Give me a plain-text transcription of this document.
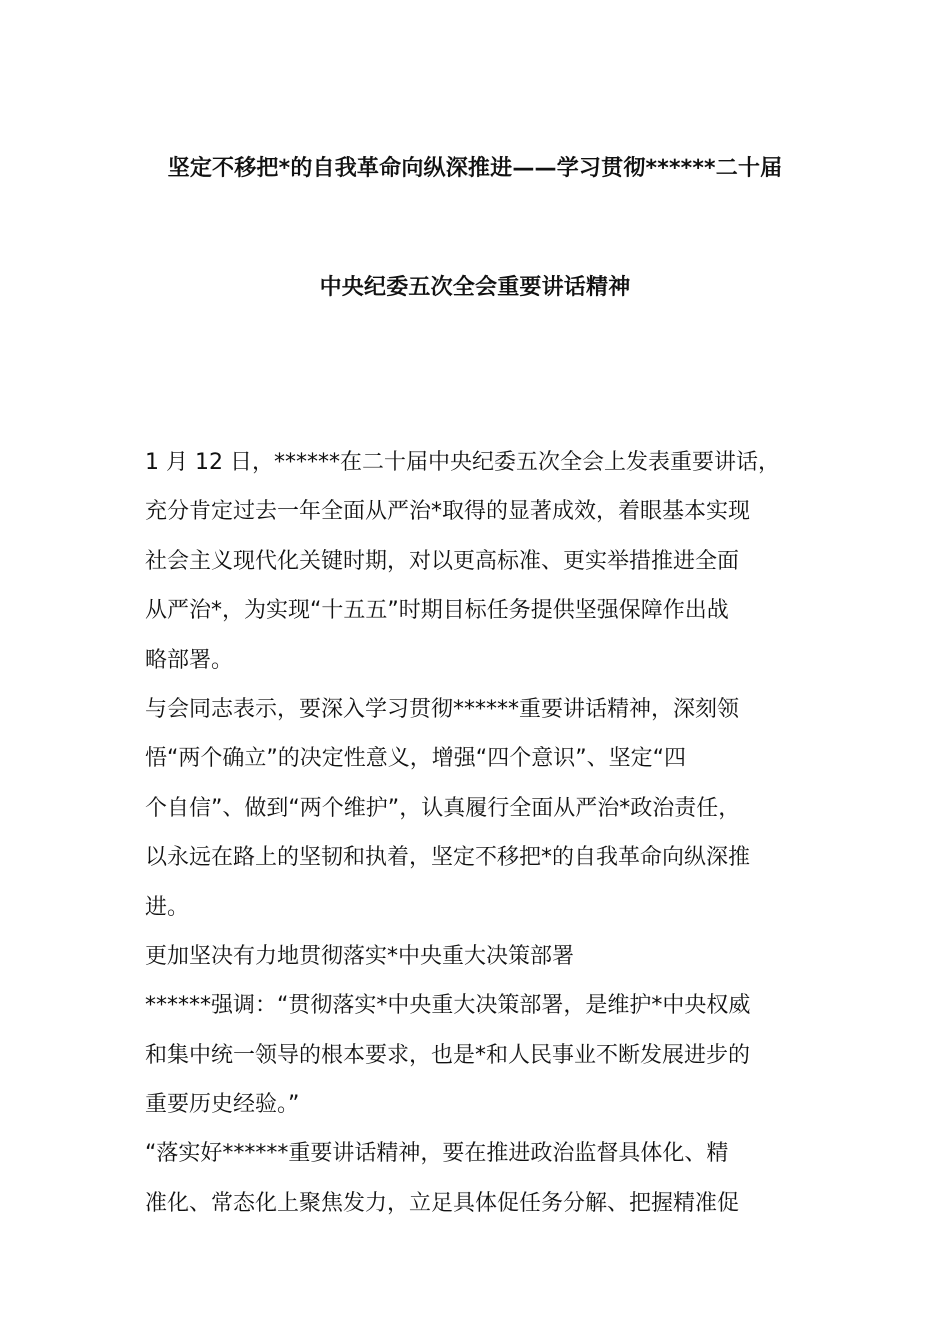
坚定不移把*的自我革命向纵深推进——学习贯彻******二十届
中央纪委五次全会重要讲话精神
1 月 12 日，******在二十届中央纪委五次全会上发表重要讲话，
充分肯定过去一年全面从严治*取得的显著成效，着眼基本实现
社会主义现代化关键时期，对以更高标准、更实举措推进全面
从严治*，为实现“十五五”时期目标任务提供坚强保障作出战
略部署。
与会同志表示，要深入学习贯彻******重要讲话精神，深刻领
悟“两个确立”的决定性意义，增强“四个意识”、坚定“四
个自信”、做到“两个维护”，认真履行全面从严治*政治责任，
以永远在路上的坚韧和执着，坚定不移把*的自我革命向纵深推
进。
更加坚决有力地贯彻落实*中央重大决策部署
******强调：“贯彻落实*中央重大决策部署，是维护*中央权威
和集中统一领导的根本要求，也是*和人民事业不断发展进步的
重要历史经验。”
“落实好******重要讲话精神，要在推进政治监督具体化、精
准化、常态化上聚焦发力，立足具体促任务分解、把握精准促
